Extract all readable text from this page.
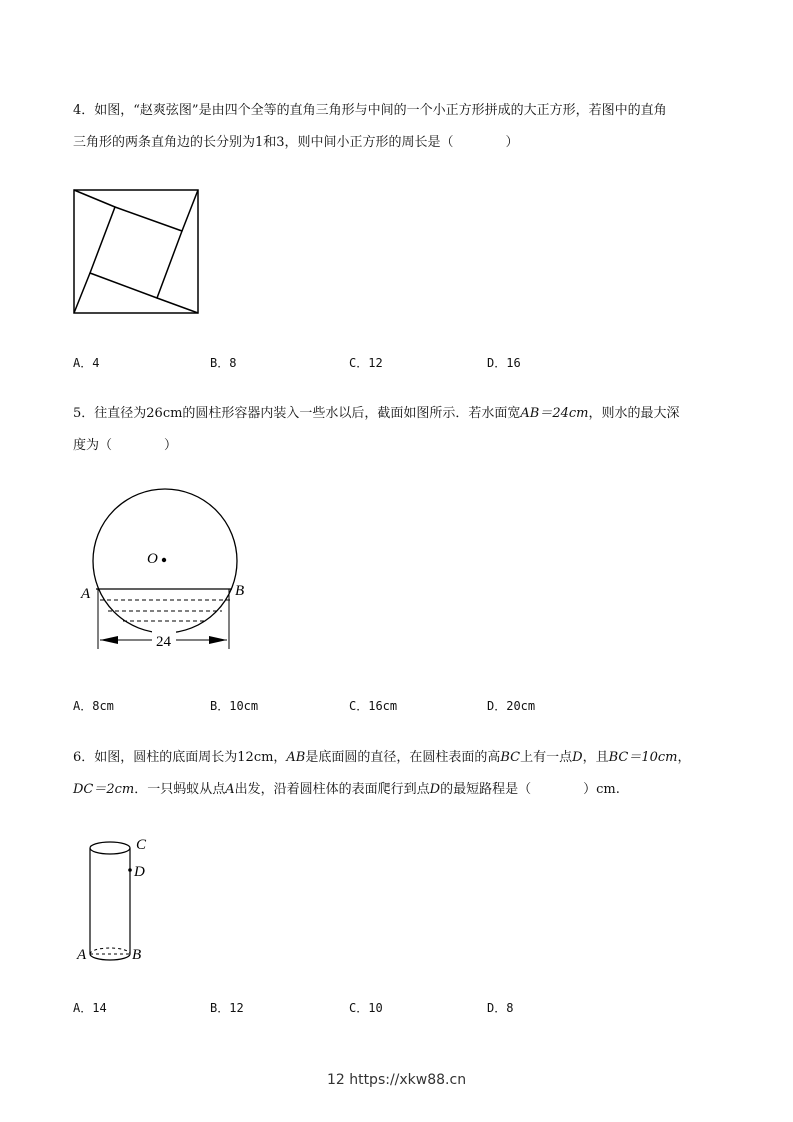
4．如图，“赵爽弦图”是由四个全等的直角三角形与中间的一个小正方形拼成的大正方形，若图中的直角
三角形的两条直角边的长分别为1和3，则中间小正方形的周长是（　　　　）
A．4	B．8	C．12	D．16
5．往直径为26cm的圆柱形容器内装入一些水以后，截面如图所示．若水面宽AB＝24cm，则水的最大深
度为（　　　　）
O
A	B
24
A．8cm	B．10cm	C．16cm	D．20cm
6．如图，圆柱的底面周长为12cm，AB是底面圆的直径，在圆柱表面的高BC上有一点D，且BC＝10cm，
DC＝2cm．一只蚂蚁从点A出发，沿着圆柱体的表面爬行到点D的最短路程是（　　　　）cm.
C
D
A	B
A．14	B．12	C．10	D．8
12 https://xkw88.cn
